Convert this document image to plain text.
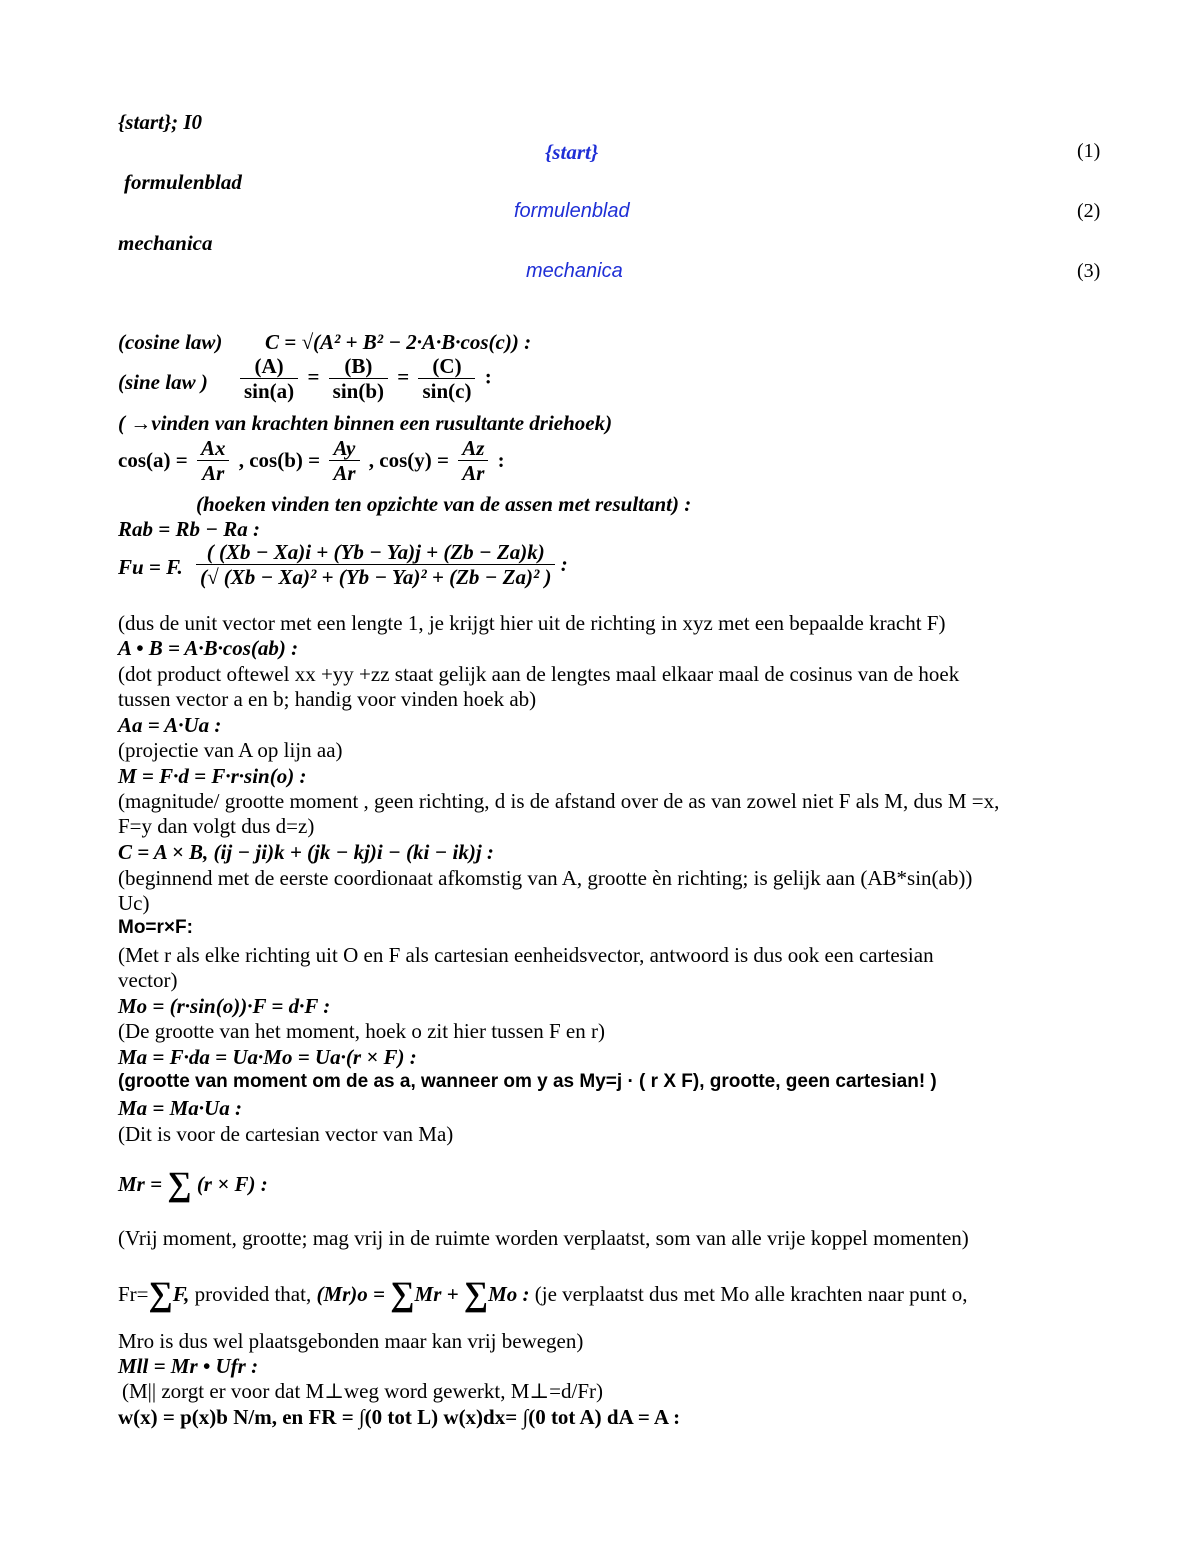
{start}; I0
{start}	(1)
formulenblad
formulenblad	(2)
mechanica
mechanica	(3)
(cosine law) C = √(A² + B² − 2·A·B·cos(c)) :
(sine law ) $\frac{(A)}{\sin(a)} = \frac{(B)}{\sin(b)} = \frac{(C)}{\sin(c)}$ :
( →vinden van krachten binnen een rusultante driehoek)
$\cos(a) = \frac{Ax}{Ar}$ , $\cos(b) = \frac{Ay}{Ar}$ , $\cos(y) = \frac{Az}{Ar}$ :
(hoeken vinden ten opzichte van de assen met resultant) :
Rab = Rb − Ra :
Fu = F. $\frac{( (Xb - Xa)i + (Yb - Ya)j + (Zb - Za)k)}{\text{(√ (Xb − Xa)² + (Yb − Ya)² + (Zb − Za)² )}}$ :
(dus de unit vector met een lengte 1, je krijgt hier uit de richting in xyz met een bepaalde kracht F)
A • B = A·B·cos(ab) :
(dot product oftewel xx +yy +zz staat gelijk aan de lengtes maal elkaar maal de cosinus van de hoek
tussen vector a en b; handig voor vinden hoek ab)
Aa = A·Ua :
(projectie van A op lijn aa)
M = F·d = F·r·sin(o) :
(magnitude/ grootte moment , geen richting, d is de afstand over de as van zowel niet F als M, dus M =x,
F=y dan volgt dus d=z)
C = A × B, (ij − ji)k + (jk − kj)i − (ki − ik)j :
(beginnend met de eerste coordionaat afkomstig van A, grootte èn richting; is gelijk aan (AB*sin(ab))
Uc)
Mo=r×F:
(Met r als elke richting uit O en F als cartesian eenheidsvector, antwoord is dus ook een cartesian
vector)
Mo = (r·sin(o))·F = d·F :
(De grootte van het moment, hoek o zit hier tussen F en r)
Ma = F·da = Ua·Mo = Ua·(r × F) :
(grootte van moment om de as a, wanneer om y as My=j · ( r X F), grootte, geen cartesian! )
Ma = Ma·Ua :
(Dit is voor de cartesian vector van Ma)
Mr = ∑ (r × F) :
(Vrij moment, grootte; mag vrij in de ruimte worden verplaatst, som van alle vrije koppel momenten)
Fr=∑F, provided that, (Mr)o = ∑Mr + ∑Mo : (je verplaatst dus met Mo alle krachten naar punt o,
Mro is dus wel plaatsgebonden maar kan vrij bewegen)
Mll = Mr • Ufr :
(M|| zorgt er voor dat M⊥weg word gewerkt, M⊥=d/Fr)
w(x) = p(x)b N/m, en FR = ∫(0 tot L) w(x)dx= ∫(0 tot A) dA = A :
